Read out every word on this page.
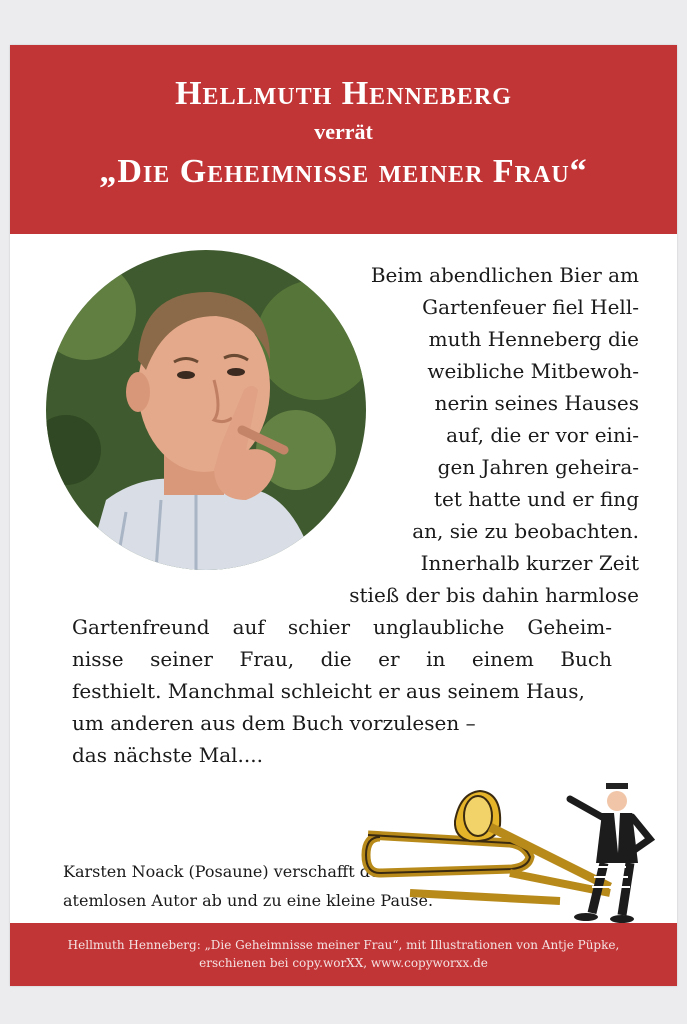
Hellmuth Henneberg
verrät
„Die Geheimnisse meiner Frau“

Beim abendlichen Bier am

Gartenfeuer fiel Hell-

muth Henneberg die

weibliche Mitbewoh-

nerin seines Hauses

auf, die er vor eini-

gen Jahren geheira-

tet hatte und er fing

an, sie zu beobachten.

Innerhalb kurzer Zeit

stieß der bis dahin harmlose

Gartenfreund auf schier unglaubliche Geheim-

nisse seiner Frau, die er in einem Buch

festhielt. Manchmal schleicht er aus seinem Haus,

um anderen aus dem Buch vorzulesen –

das nächste Mal....

Karsten Noack (Posaune) verschafft dem
atemlosen Autor ab und zu eine kleine Pause.
Hellmuth Henneberg: „Die Geheimnisse meiner Frau“, mit Illustrationen von Antje Püpke,
erschienen bei copy.worXX, www.copyworxx.de
